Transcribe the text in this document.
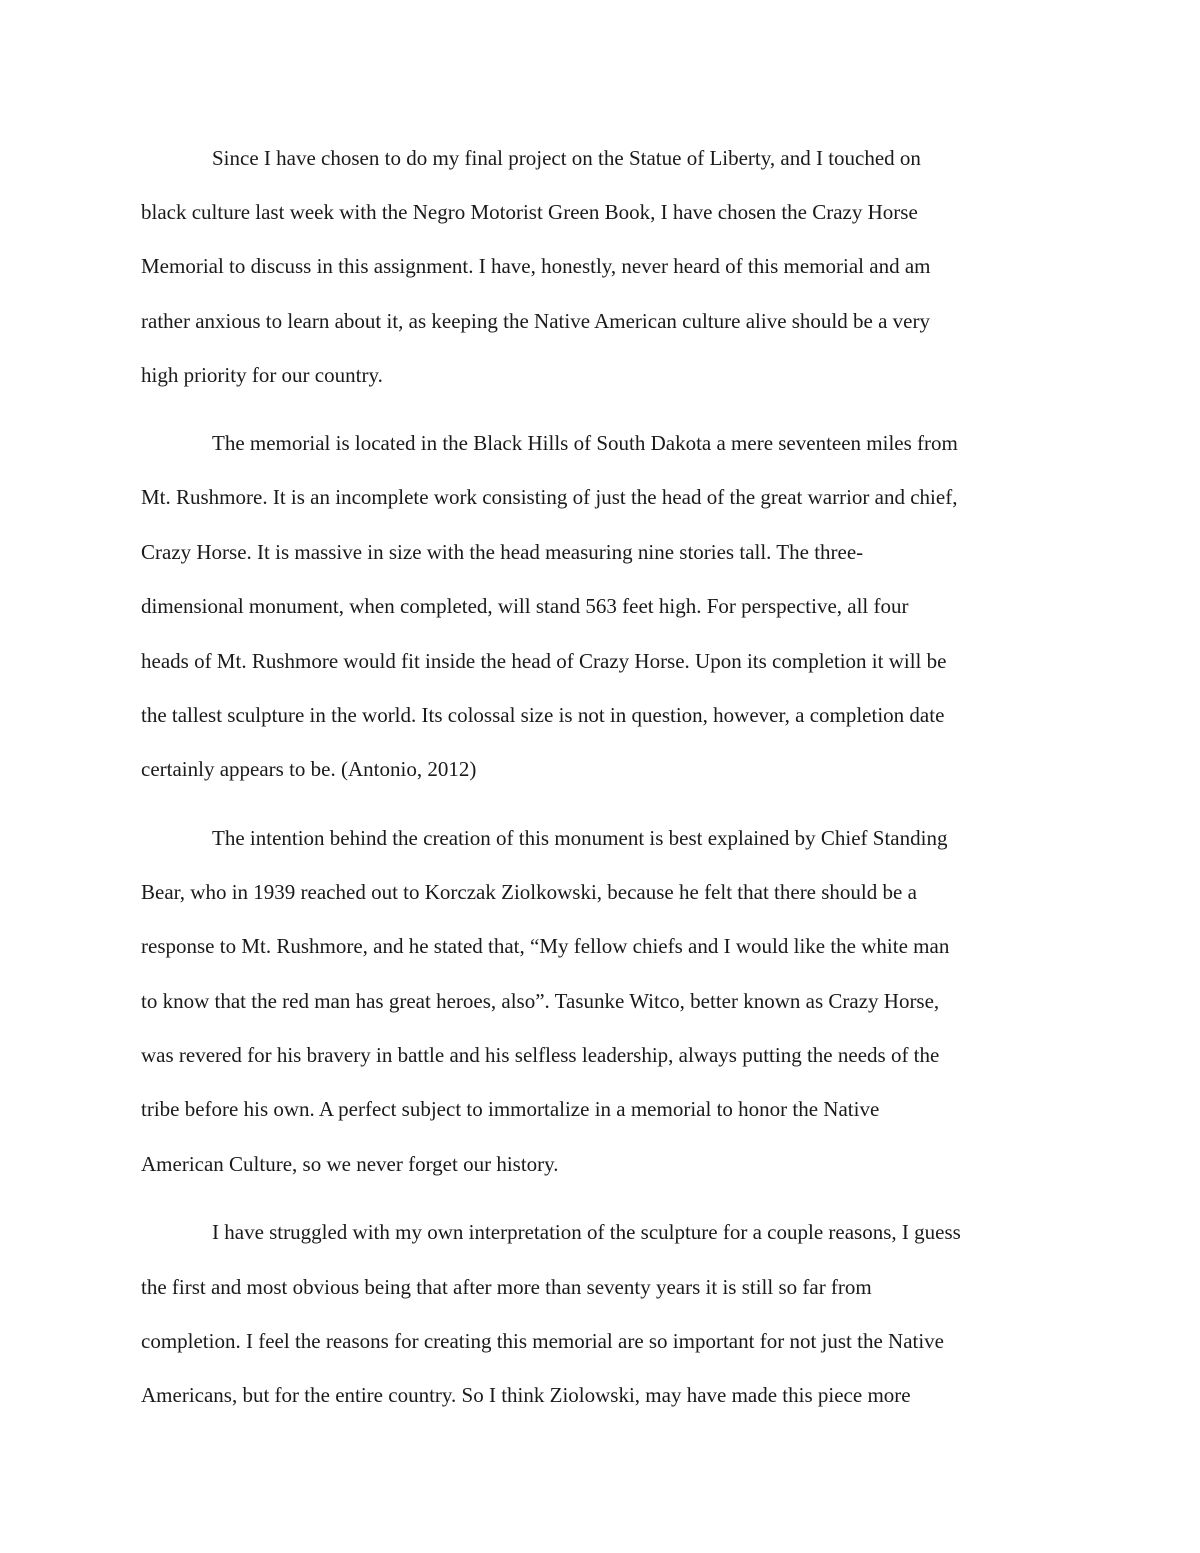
Since I have chosen to do my final project on the Statue of Liberty, and I touched on
black culture last week with the Negro Motorist Green Book, I have chosen the Crazy Horse
Memorial to discuss in this assignment. I have, honestly, never heard of this memorial and am
rather anxious to learn about it, as keeping the Native American culture alive should be a very
high priority for our country.
The memorial is located in the Black Hills of South Dakota a mere seventeen miles from
Mt. Rushmore. It is an incomplete work consisting of just the head of the great warrior and chief,
Crazy Horse. It is massive in size with the head measuring nine stories tall. The three-
dimensional monument, when completed, will stand 563 feet high. For perspective, all four
heads of Mt. Rushmore would fit inside the head of Crazy Horse. Upon its completion it will be
the tallest sculpture in the world. Its colossal size is not in question, however, a completion date
certainly appears to be. (Antonio, 2012)
The intention behind the creation of this monument is best explained by Chief Standing
Bear, who in 1939 reached out to Korczak Ziolkowski, because he felt that there should be a
response to Mt. Rushmore, and he stated that, “My fellow chiefs and I would like the white man
to know that the red man has great heroes, also”. Tasunke Witco, better known as Crazy Horse,
was revered for his bravery in battle and his selfless leadership, always putting the needs of the
tribe before his own. A perfect subject to immortalize in a memorial to honor the Native
American Culture, so we never forget our history.
I have struggled with my own interpretation of the sculpture for a couple reasons, I guess
the first and most obvious being that after more than seventy years it is still so far from
completion. I feel the reasons for creating this memorial are so important for not just the Native
Americans, but for the entire country. So I think Ziolowski, may have made this piece more
